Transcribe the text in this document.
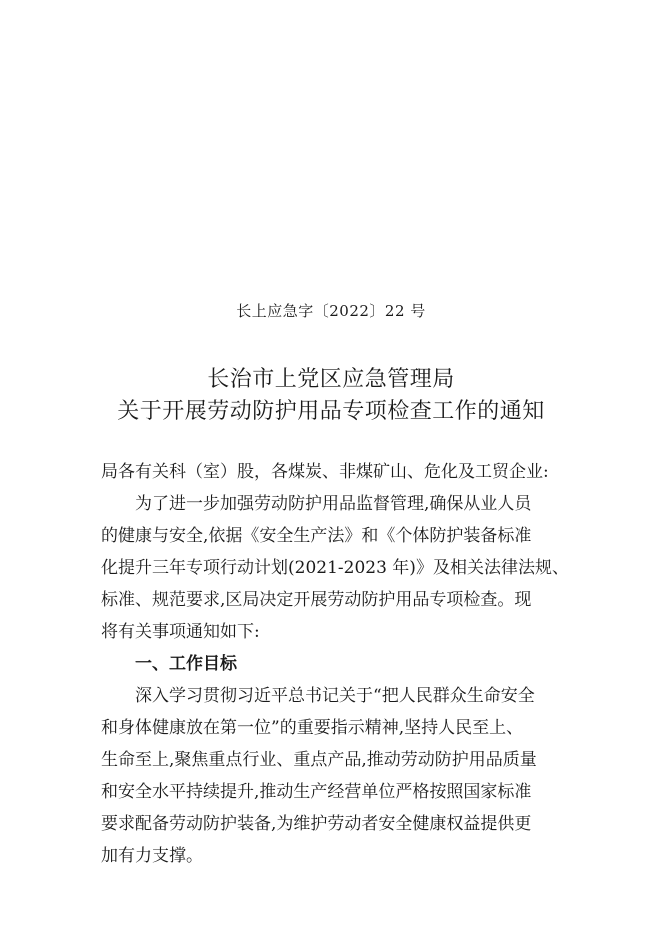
长上应急字〔2022〕22 号
长治市上党区应急管理局
关于开展劳动防护用品专项检查工作的通知
局各有关科（室）股，各煤炭、非煤矿山、危化及工贸企业:
为了进一步加强劳动防护用品监督管理,确保从业人员
的健康与安全,依据《安全生产法》和《个体防护装备标准
化提升三年专项行动计划(2021-2023 年)》及相关法律法规、
标准、规范要求,区局决定开展劳动防护用品专项检查。现
将有关事项通知如下:
一、工作目标
深入学习贯彻习近平总书记关于“把人民群众生命安全
和身体健康放在第一位”的重要指示精神,坚持人民至上、
生命至上,聚焦重点行业、重点产品,推动劳动防护用品质量
和安全水平持续提升,推动生产经营单位严格按照国家标准
要求配备劳动防护装备,为维护劳动者安全健康权益提供更
加有力支撑。
